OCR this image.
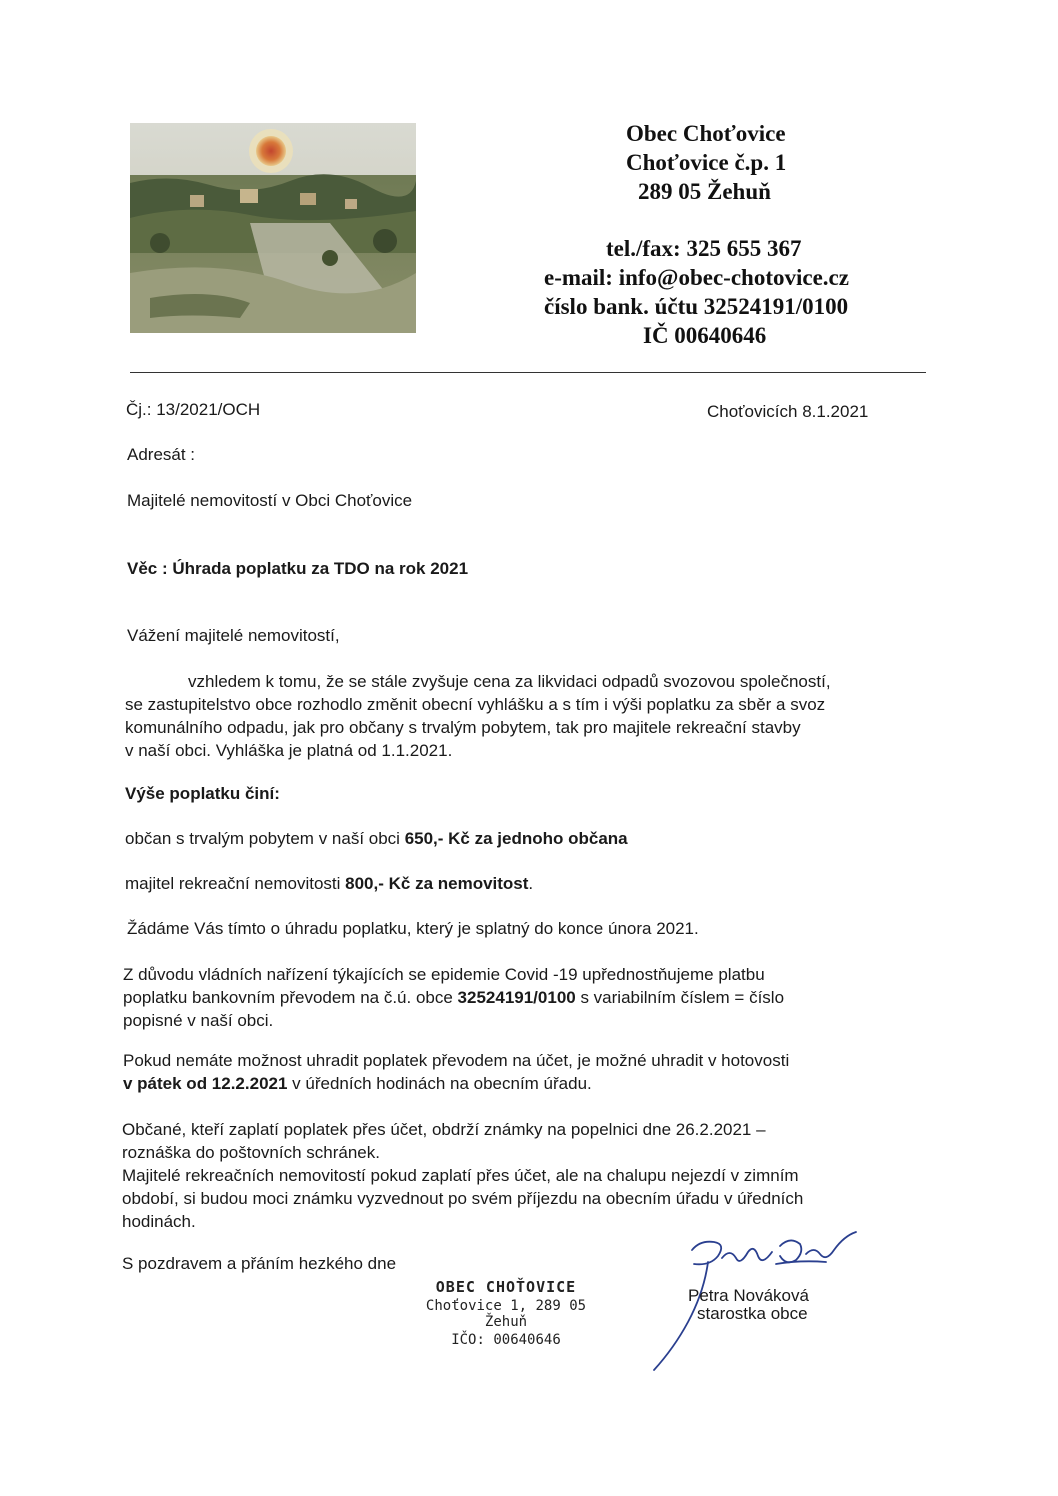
Obec Choťovice
Choťovice č.p. 1
289 05 Žehuň
tel./fax: 325 655 367
e-mail: info@obec-chotovice.cz
číslo bank. účtu 32524191/0100
IČ 00640646
Čj.: 13/2021/OCH	Choťovicích 8.1.2021
Adresát :
Majitelé nemovitostí v Obci Choťovice
Věc : Úhrada poplatku za TDO na rok 2021
Vážení majitelé nemovitostí,
vzhledem k tomu, že se stále zvyšuje cena za likvidaci odpadů svozovou společností,
se zastupitelstvo obce rozhodlo změnit obecní vyhlášku a s tím i výši poplatku za sběr a svoz
komunálního odpadu, jak pro občany s trvalým pobytem, tak pro majitele rekreační stavby
v naší obci. Vyhláška je platná od 1.1.2021.
Výše poplatku činí:
občan s trvalým pobytem v naší obci 650,- Kč za jednoho občana
majitel rekreační nemovitosti 800,- Kč za nemovitost.
Žádáme Vás tímto o úhradu poplatku, který je splatný do konce února 2021.
Z důvodu vládních nařízení týkajících se epidemie Covid -19 upřednostňujeme platbu
poplatku bankovním převodem na č.ú. obce 32524191/0100 s variabilním číslem = číslo
popisné v naší obci.
Pokud nemáte možnost uhradit poplatek převodem na účet, je možné uhradit v hotovosti
v pátek od 12.2.2021 v úředních hodinách na obecním úřadu.
Občané, kteří zaplatí poplatek přes účet, obdrží známky na popelnici dne 26.2.2021 –
roznáška do poštovních schránek.
Majitelé rekreačních nemovitostí pokud zaplatí přes účet, ale na chalupu nejezdí v zimním
období, si budou moci známku vyzvednout po svém příjezdu na obecním úřadu v úředních
hodinách.
S pozdravem a přáním hezkého dne
OBEC CHOŤOVICE
Choťovice 1, 289 05 Žehuň
IČO: 00640646
Petra Nováková
starostka obce
